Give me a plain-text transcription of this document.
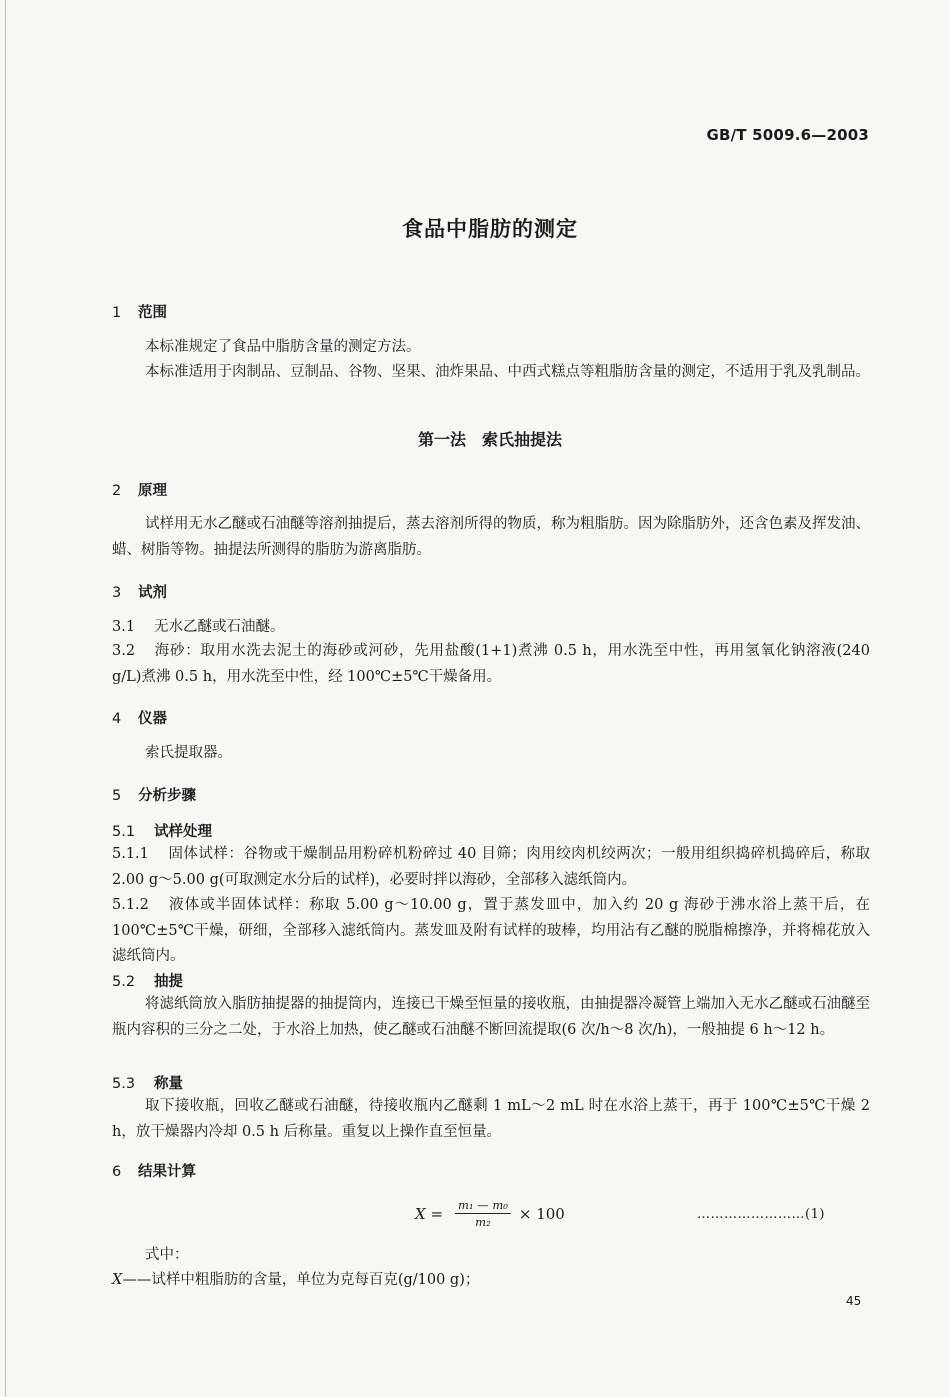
GB/T 5009.6—2003
食品中脂肪的测定
1 范围
本标准规定了食品中脂肪含量的测定方法。
本标准适用于肉制品、豆制品、谷物、坚果、油炸果品、中西式糕点等粗脂肪含量的测定，不适用于乳及乳制品。
第一法 索氏抽提法
2 原理
试样用无水乙醚或石油醚等溶剂抽提后，蒸去溶剂所得的物质，称为粗脂肪。因为除脂肪外，还含色素及挥发油、蜡、树脂等物。抽提法所测得的脂肪为游离脂肪。
3 试剂
3.1 无水乙醚或石油醚。
3.2 海砂：取用水洗去泥土的海砂或河砂，先用盐酸(1+1)煮沸 0.5 h，用水洗至中性，再用氢氧化钠溶液(240 g/L)煮沸 0.5 h，用水洗至中性，经 100℃±5℃干燥备用。
4 仪器
索氏提取器。
5 分析步骤
5.1 试样处理
5.1.1 固体试样：谷物或干燥制品用粉碎机粉碎过 40 目筛；肉用绞肉机绞两次；一般用组织捣碎机捣碎后，称取 2.00 g～5.00 g(可取测定水分后的试样)，必要时拌以海砂，全部移入滤纸筒内。
5.1.2 液体或半固体试样：称取 5.00 g～10.00 g，置于蒸发皿中，加入约 20 g 海砂于沸水浴上蒸干后，在 100℃±5℃干燥，研细，全部移入滤纸筒内。蒸发皿及附有试样的玻棒，均用沾有乙醚的脱脂棉擦净，并将棉花放入滤纸筒内。
5.2 抽提
将滤纸筒放入脂肪抽提器的抽提筒内，连接已干燥至恒量的接收瓶，由抽提器冷凝管上端加入无水乙醚或石油醚至瓶内容积的三分之二处，于水浴上加热，使乙醚或石油醚不断回流提取(6 次/h～8 次/h)，一般抽提 6 h～12 h。
5.3 称量
取下接收瓶，回收乙醚或石油醚，待接收瓶内乙醚剩 1 mL～2 mL 时在水浴上蒸干，再于 100℃±5℃干燥 2 h，放干燥器内冷却 0.5 h 后称量。重复以上操作直至恒量。
6 结果计算
$X = \frac{\text{m₁ — m₀}}{\text{m₂}} \times 100$	……………………(1)
式中：
X——试样中粗脂肪的含量，单位为克每百克(g/100 g)；
45
